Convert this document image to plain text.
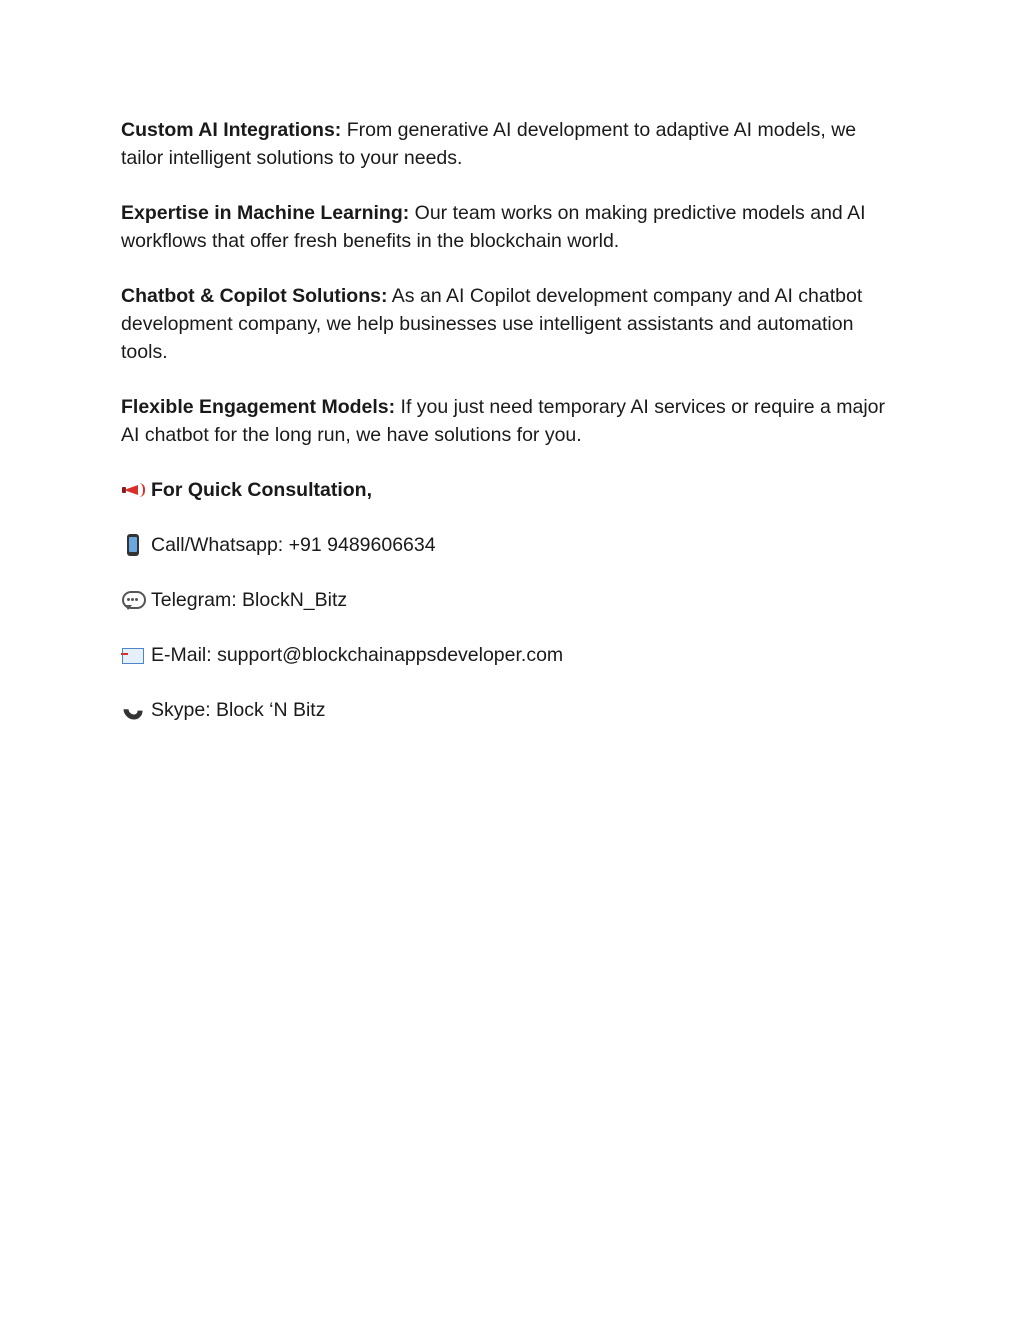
Custom AI Integrations: From generative AI development to adaptive AI models, we tailor intelligent solutions to your needs.

Expertise in Machine Learning: Our team works on making predictive models and AI workflows that offer fresh benefits in the blockchain world.

Chatbot & Copilot Solutions: As an AI Copilot development company and AI chatbot development company, we help businesses use intelligent assistants and automation tools.

Flexible Engagement Models: If you just need temporary AI services or require a major AI chatbot for the long run, we have solutions for you.

For Quick Consultation,
Call/Whatsapp: +91 9489606634
Telegram: BlockN_Bitz
E-Mail: support@blockchainappsdeveloper.com
Skype: Block ‘N Bitz
